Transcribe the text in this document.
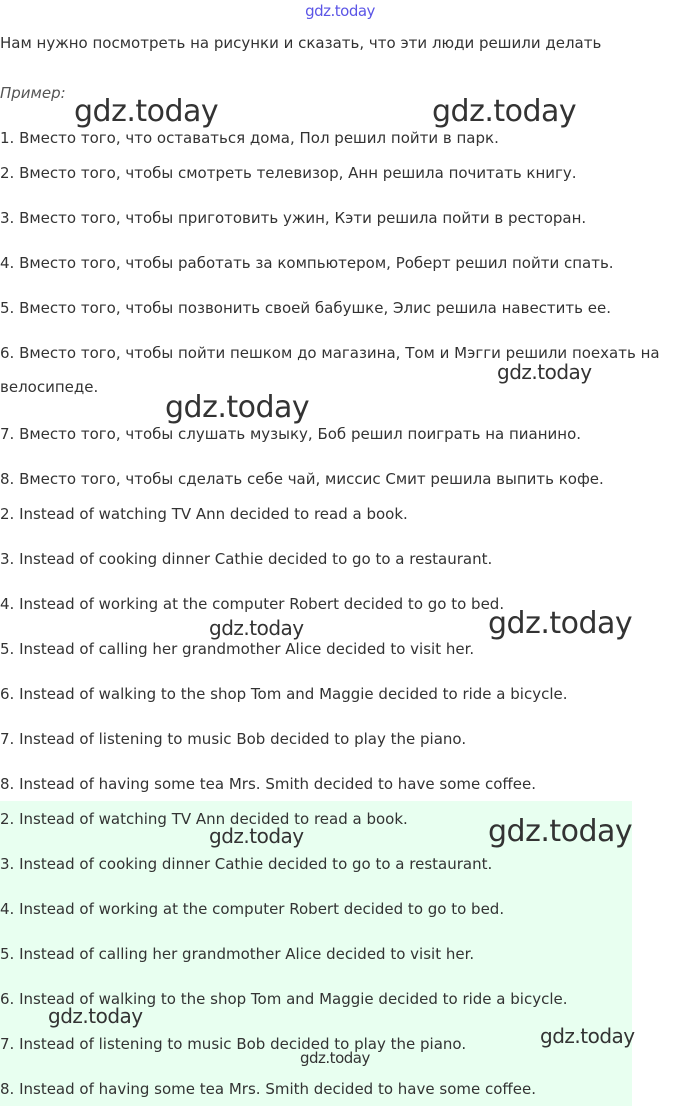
gdz.today
Нам нужно посмотреть на рисунки и сказать, что эти люди решили делать
Пример:
1. Вместо того, что оставаться дома, Пол решил пойти в парк.
2. Вместо того, чтобы смотреть телевизор, Анн решила почитать книгу.
3. Вместо того, чтобы приготовить ужин, Кэти решила пойти в ресторан.
4. Вместо того, чтобы работать за компьютером, Роберт решил пойти спать.
5. Вместо того, чтобы позвонить своей бабушке, Элис решила навестить ее.
6. Вместо того, чтобы пойти пешком до магазина, Том и Мэгги решили поехать на велосипеде.
7. Вместо того, чтобы слушать музыку, Боб решил поиграть на пианино.
8. Вместо того, чтобы сделать себе чай, миссис Смит решила выпить кофе.
2. Instead of watching TV Ann decided to read a book.
3. Instead of cooking dinner Cathie decided to go to a restaurant.
4. Instead of working at the computer Robert decided to go to bed.
5. Instead of calling her grandmother Alice decided to visit her.
6. Instead of walking to the shop Tom and Maggie decided to ride a bicycle.
7. Instead of listening to music Bob decided to play the piano.
8. Instead of having some tea Mrs. Smith decided to have some coffee.
2. Instead of watching TV Ann decided to read a book.
3. Instead of cooking dinner Cathie decided to go to a restaurant.
4. Instead of working at the computer Robert decided to go to bed.
5. Instead of calling her grandmother Alice decided to visit her.
6. Instead of walking to the shop Tom and Maggie decided to ride a bicycle.
7. Instead of listening to music Bob decided to play the piano.
8. Instead of having some tea Mrs. Smith decided to have some coffee.
gdz.today	gdz.today
gdz.today
gdz.today
gdz.today	gdz.today
gdz.today	gdz.today
gdz.today
gdz.today
gdz.today
